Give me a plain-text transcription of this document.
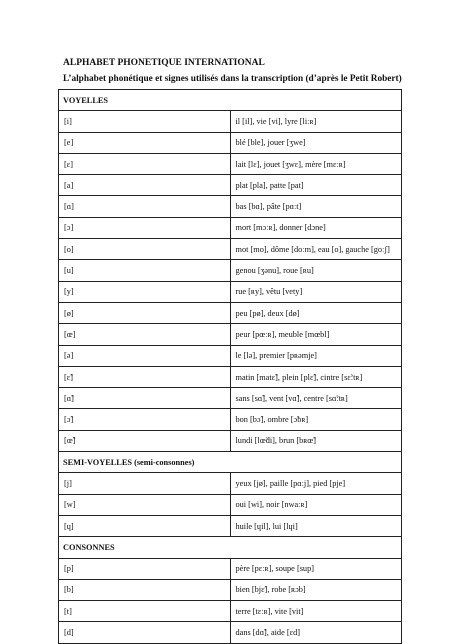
ALPHABET PHONETIQUE INTERNATIONAL
L’alphabet phonétique et signes utilisés dans la transcription (d’après le Petit Robert)
VOYELLES	
[i]	il [il], vie [vi], lyre [liːʀ]
[e]	blé [ble], jouer [ʒwe]
[ɛ]	lait [lɛ], jouet [ʒwɛ], mère [mɛːʀ]
[a]	plat [pla], patte [pat]
[ɑ]	bas [bɑ], pâte [pɑːt]
[ɔ]	mort [mɔːʀ], donner [dɔne]
[o]	mot [mo], dôme [doːm], eau [o], gauche [goːʃ]
[u]	genou [ʒәnu], roue [ʀu]
[y]	rue [ʀy], vêtu [vety]
[ø]	peu [pø], deux [dø]
[œ]	peur [pœːʀ], meuble [mœbl]
[ә]	le [lә], premier [pʀәmje]
[ɛ̃]	matin [matɛ̃], plein [plɛ̃], cintre [sɛ̃ːtʀ]
[ɑ̃]	sans [sɑ̃], vent [vɑ̃], centre [sɑ̃ːtʀ]
[ɔ̃]	bon [bɔ̃], ombre [ɔ̃bʀ]
[œ̃]	lundi [lœ̃di], brun [bʀœ̃]
SEMI-VOYELLES (semi-consonnes)	
[j]	yeux [jø], paille [pɑːj], pied [pje]
[w]	oui [wi], noir [nwaːʀ]
[ɥ]	huile [ɥil], lui [lɥi]
CONSONNES	
[p]	père [pɛːʀ], soupe [sup]
[b]	bien [bjɛ̃], robe [ʀɔb]
[t]	terre [tɛːʀ], vite [vit]
[d]	dans [dɑ̃], aide [ɛd]
